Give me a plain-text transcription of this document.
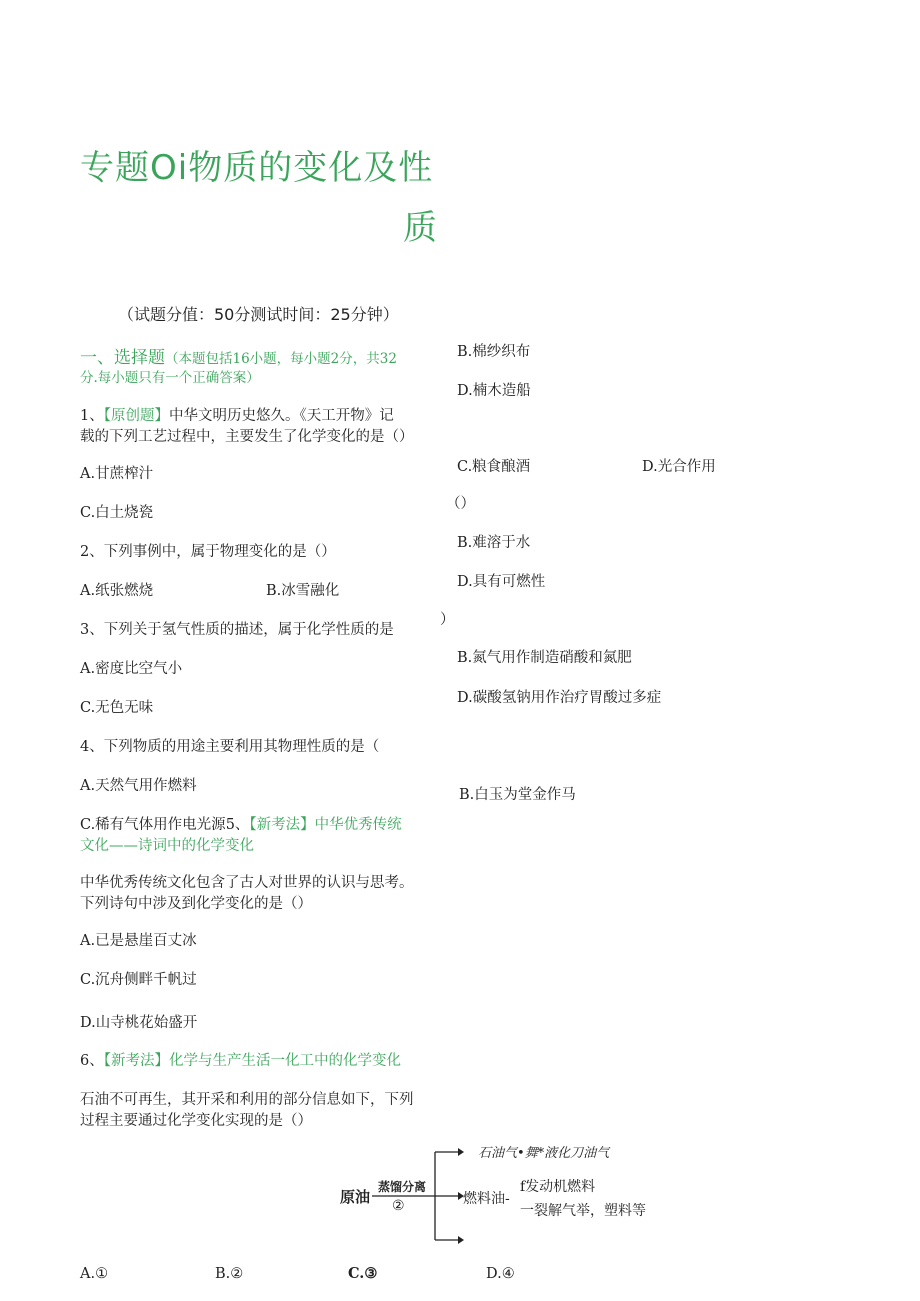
专题Oi物质的变化及性
质
（试题分值：50分测试时间：25分钟）
一、选择题（本题包括16小题，每小题2分，共32
分.每小题只有一个正确答案）
1、【原创题】中华文明历史悠久。《天工开物》记
载的下列工艺过程中，主要发生了化学变化的是（）
A.甘蔗榨汁
B.棉纱织布
C.白土烧瓷
D.楠木造船
2、下列事例中，属于物理变化的是（）
A.纸张燃烧	B.冰雪融化
C.粮食酿酒	D.光合作用
3、下列关于氢气性质的描述，属于化学性质的是
（）
A.密度比空气小
B.难溶于水
C.无色无味
D.具有可燃性
4、下列物质的用途主要利用其物理性质的是（
）
A.天然气用作燃料
B.氮气用作制造硝酸和氮肥
D.碳酸氢钠用作治疗胃酸过多症
C.稀有气体用作电光源5、【新考法】中华优秀传统
文化——诗词中的化学变化
中华优秀传统文化包含了古人对世界的认识与思考。
下列诗句中涉及到化学变化的是（）
A.已是悬崖百丈冰
B.白玉为堂金作马
C.沉舟侧畔千帆过
D.山寺桃花始盛开
6、【新考法】化学与生产生活一化工中的化学变化
石油不可再生，其开采和利用的部分信息如下，下列
过程主要通过化学变化实现的是（）
原油
蒸馏分离
②
石油气•舞*液化刀油气
燃料油-
f发动机燃料
一裂解气举，塑料等
A.①	B.②	C.③	D.④
